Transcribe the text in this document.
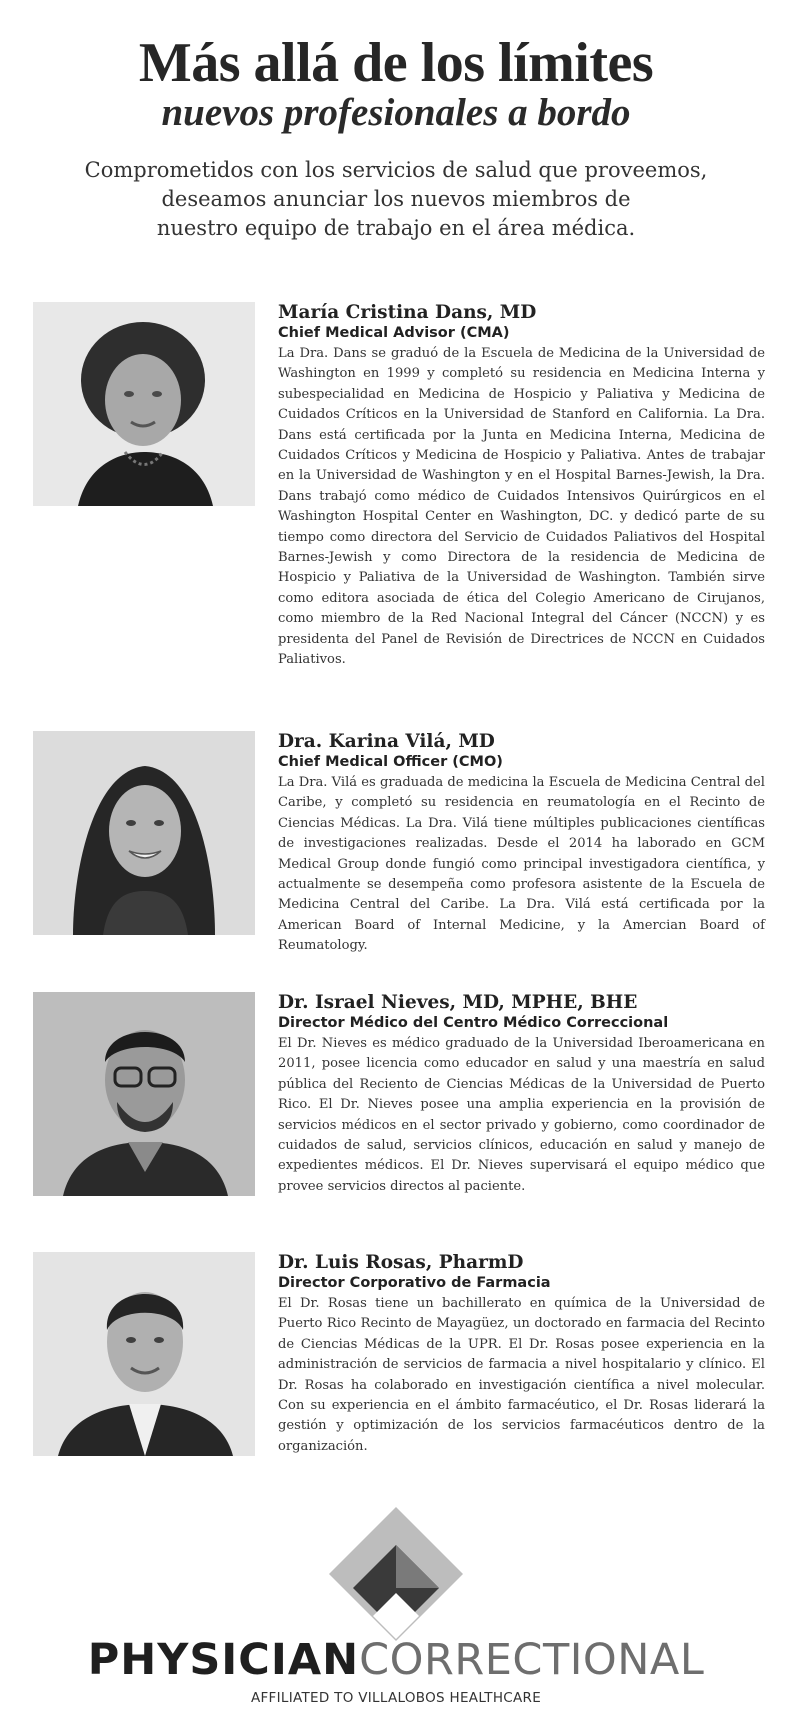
Más allá de los límites
nuevos profesionales a bordo
Comprometidos con los servicios de salud que proveemos,
deseamos anunciar los nuevos miembros de
nuestro equipo de trabajo en el área médica.
María Cristina Dans, MD
Chief Medical Advisor (CMA)
La Dra. Dans se graduó de la Escuela de Medicina de la Universidad de Washington en 1999 y completó su residencia en Medicina Interna y subespecialidad en Medicina de Hospicio y Paliativa y Medicina de Cuidados Críticos en la Universidad de Stanford en California. La Dra. Dans está certificada por la Junta en Medicina Interna, Medicina de Cuidados Críticos y Medicina de Hospicio y Paliativa. Antes de trabajar en la Universidad de Washington y en el Hospital Barnes-Jewish, la Dra. Dans trabajó como médico de Cuidados Intensivos Quirúrgicos en el Washington Hospital Center en Washington, DC. y dedicó parte de su tiempo como directora del Servicio de Cuidados Paliativos del Hospital Barnes-Jewish y como Directora de la residencia de Medicina de Hospicio y Paliativa de la Universidad de Washington. También sirve como editora asociada de ética del Colegio Americano de Cirujanos, como miembro de la Red Nacional Integral del Cáncer (NCCN) y es presidenta del Panel de Revisión de Directrices de NCCN en Cuidados Paliativos.
Dra. Karina Vilá, MD
Chief Medical Officer (CMO)
La Dra. Vilá es graduada de medicina la Escuela de Medicina Central del Caribe, y completó su residencia en reumatología en el Recinto de Ciencias Médicas. La Dra. Vilá tiene múltiples publicaciones científicas de investigaciones realizadas. Desde el 2014 ha laborado en GCM Medical Group donde fungió como principal investigadora científica, y actualmente se desempeña como profesora asistente de la Escuela de Medicina Central del Caribe. La Dra. Vilá está certificada por la American Board of Internal Medicine, y la Amercian Board of Reumatology.
Dr. Israel Nieves, MD, MPHE, BHE
Director Médico del Centro Médico Correccional
El Dr. Nieves es médico graduado de la Universidad Iberoamericana en 2011, posee licencia como educador en salud y una maestría en salud pública del Reciento de Ciencias Médicas de la Universidad de Puerto Rico. El Dr. Nieves posee una amplia experiencia en la provisión de servicios médicos en el sector privado y gobierno, como coordinador de cuidados de salud, servicios clínicos, educación en salud y manejo de expedientes médicos. El Dr. Nieves supervisará el equipo médico que provee servicios directos al paciente.
Dr. Luis Rosas, PharmD
Director Corporativo de Farmacia
El Dr. Rosas tiene un bachillerato en química de la Universidad de Puerto Rico Recinto de Mayagüez, un doctorado en farmacia del Recinto de Ciencias Médicas de la UPR. El Dr. Rosas posee experiencia en la administración de servicios de farmacia a nivel hospitalario y clínico. El Dr. Rosas ha colaborado en investigación científica a nivel molecular. Con su experiencia en el ámbito farmacéutico, el Dr. Rosas liderará la gestión y optimización de los servicios farmacéuticos dentro de la organización.
PHYSICIANCORRECTIONAL
AFFILIATED TO VILLALOBOS HEALTHCARE
